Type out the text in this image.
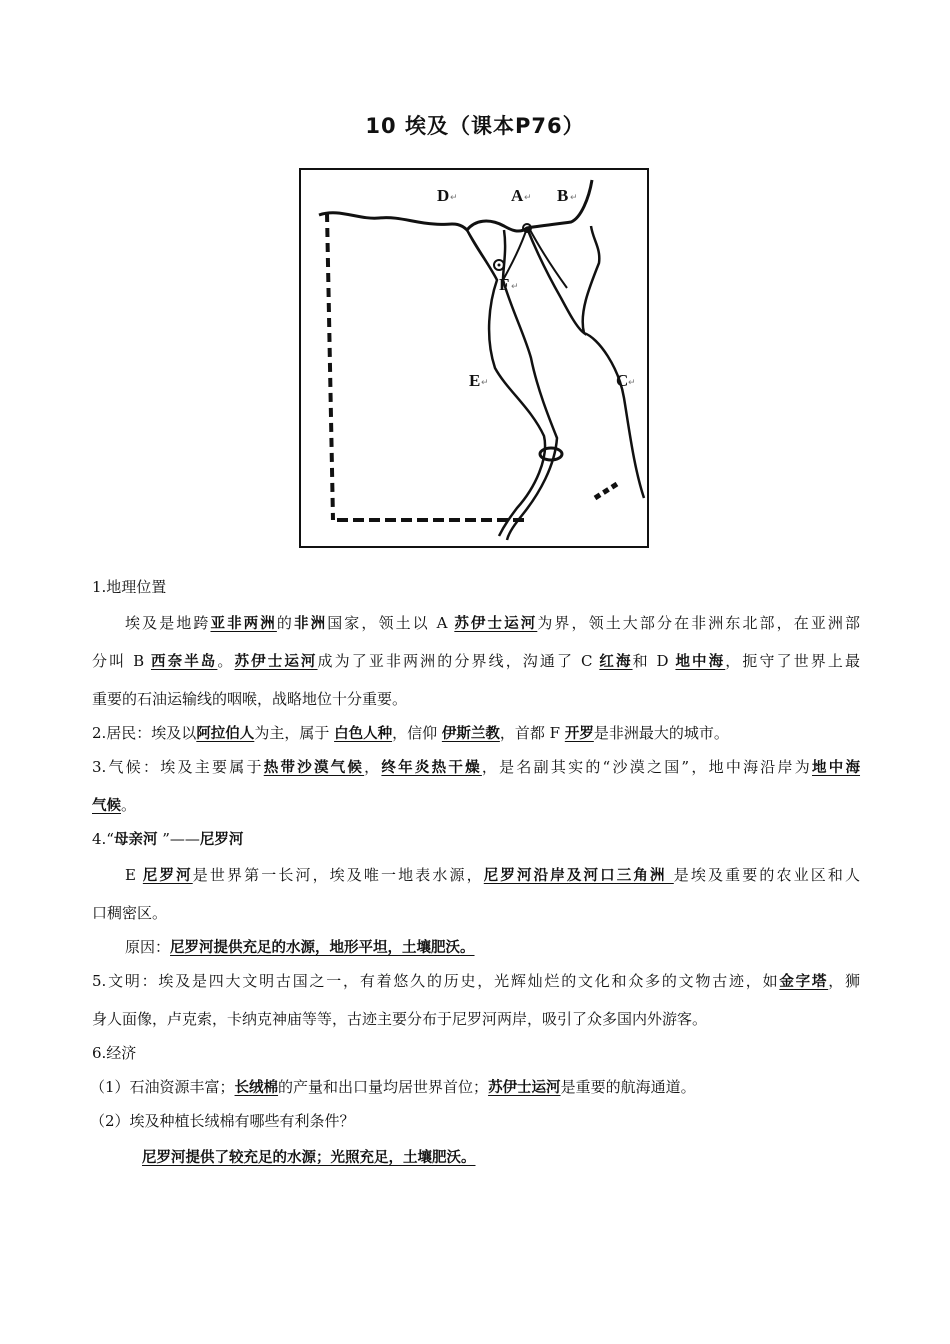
10 埃及（课本P76）
D ↵	A ↵ B ↵
F ↵
E ↵	C ↵
1.地理位置
埃及是地跨亚非两洲的非洲国家，领土以 A 苏伊士运河为界，领土大部分在非洲东北部，在亚洲部
分叫 B 西奈半岛。苏伊士运河成为了亚非两洲的分界线，沟通了 C 红海和 D 地中海，扼守了世界上最
重要的石油运输线的咽喉，战略地位十分重要。
2.居民：埃及以阿拉伯人为主，属于 白色人种，信仰 伊斯兰教，首都 F 开罗是非洲最大的城市。
3.气候：埃及主要属于热带沙漠气候，终年炎热干燥，是名副其实的“沙漠之国”，地中海沿岸为地中海
气候。
4.“母亲河 ”——尼罗河
E 尼罗河是世界第一长河，埃及唯一地表水源，尼罗河沿岸及河口三角洲 是埃及重要的农业区和人
口稠密区。
原因：尼罗河提供充足的水源，地形平坦，土壤肥沃。
5.文明：埃及是四大文明古国之一，有着悠久的历史，光辉灿烂的文化和众多的文物古迹，如金字塔，狮
身人面像，卢克索，卡纳克神庙等等，古迹主要分布于尼罗河两岸，吸引了众多国内外游客。
6.经济
（1）石油资源丰富；长绒棉的产量和出口量均居世界首位；苏伊士运河是重要的航海通道。
（2）埃及种植长绒棉有哪些有利条件？
尼罗河提供了较充足的水源；光照充足，土壤肥沃。
